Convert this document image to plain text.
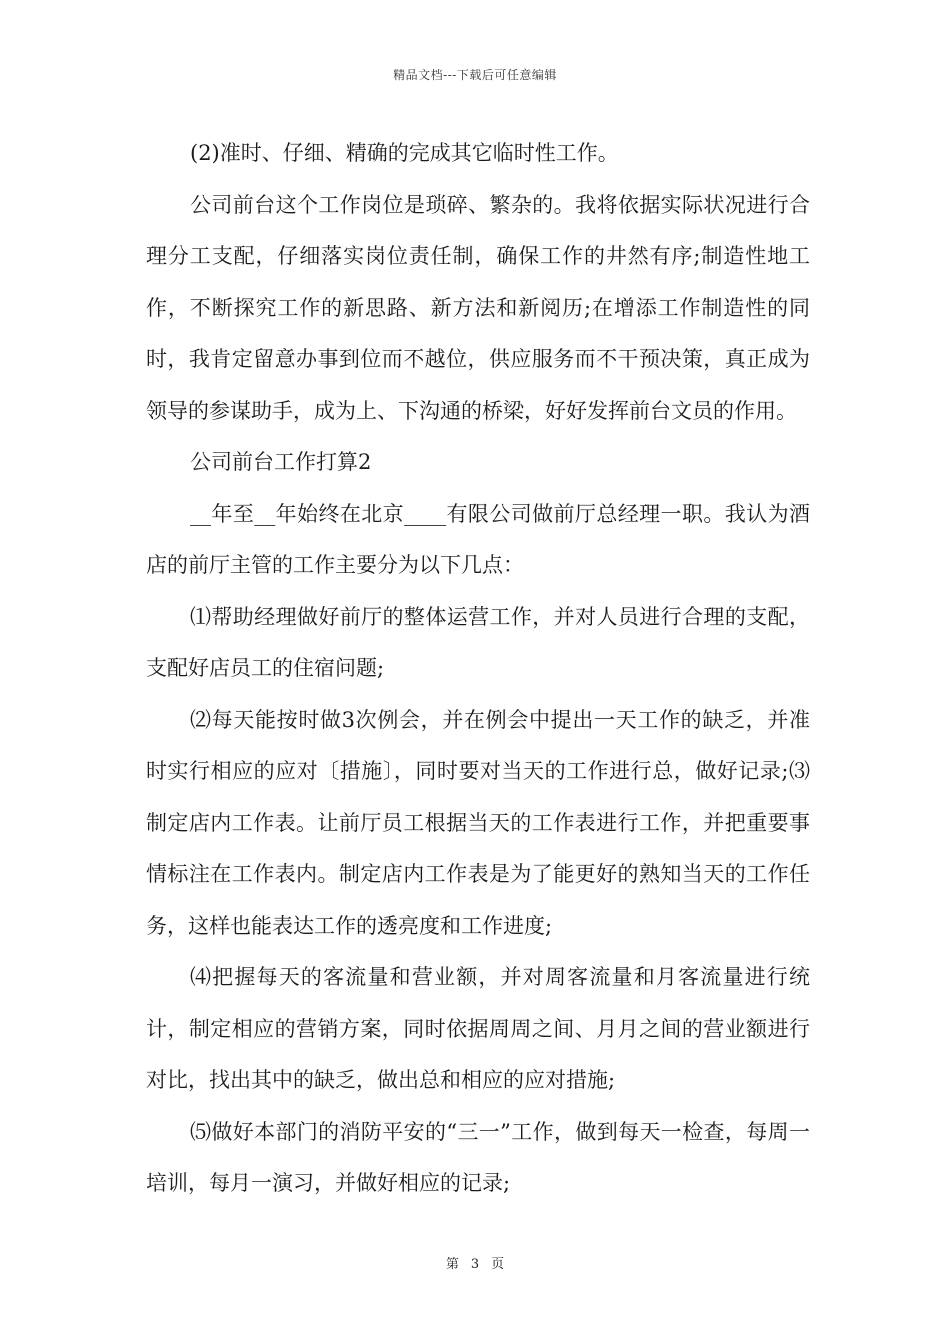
精品文档---下载后可任意编辑

(2)准时、仔细、精确的完成其它临时性工作。

公司前台这个工作岗位是琐碎、繁杂的。我将依据实际状况进行合理分工支配，仔细落实岗位责任制，确保工作的井然有序;制造性地工作，不断探究工作的新思路、新方法和新阅历;在增添工作制造性的同时，我肯定留意办事到位而不越位，供应服务而不干预决策，真正成为领导的参谋助手，成为上、下沟通的桥梁，好好发挥前台文员的作用。

公司前台工作打算2

__年至__年始终在北京____有限公司做前厅总经理一职。我认为酒店的前厅主管的工作主要分为以下几点：

⑴帮助经理做好前厅的整体运营工作，并对人员进行合理的支配，支配好店员工的住宿问题;

⑵每天能按时做3次例会，并在例会中提出一天工作的缺乏，并准时实行相应的应对〔措施〕，同时要对当天的工作进行总，做好记录;⑶制定店内工作表。让前厅员工根据当天的工作表进行工作，并把重要事情标注在工作表内。制定店内工作表是为了能更好的熟知当天的工作任务，这样也能表达工作的透亮度和工作进度;

⑷把握每天的客流量和营业额，并对周客流量和月客流量进行统计，制定相应的营销方案，同时依据周周之间、月月之间的营业额进行对比，找出其中的缺乏，做出总和相应的应对措施;

⑸做好本部门的消防平安的“三一”工作，做到每天一检查，每周一培训，每月一演习，并做好相应的记录;

第 3 页
